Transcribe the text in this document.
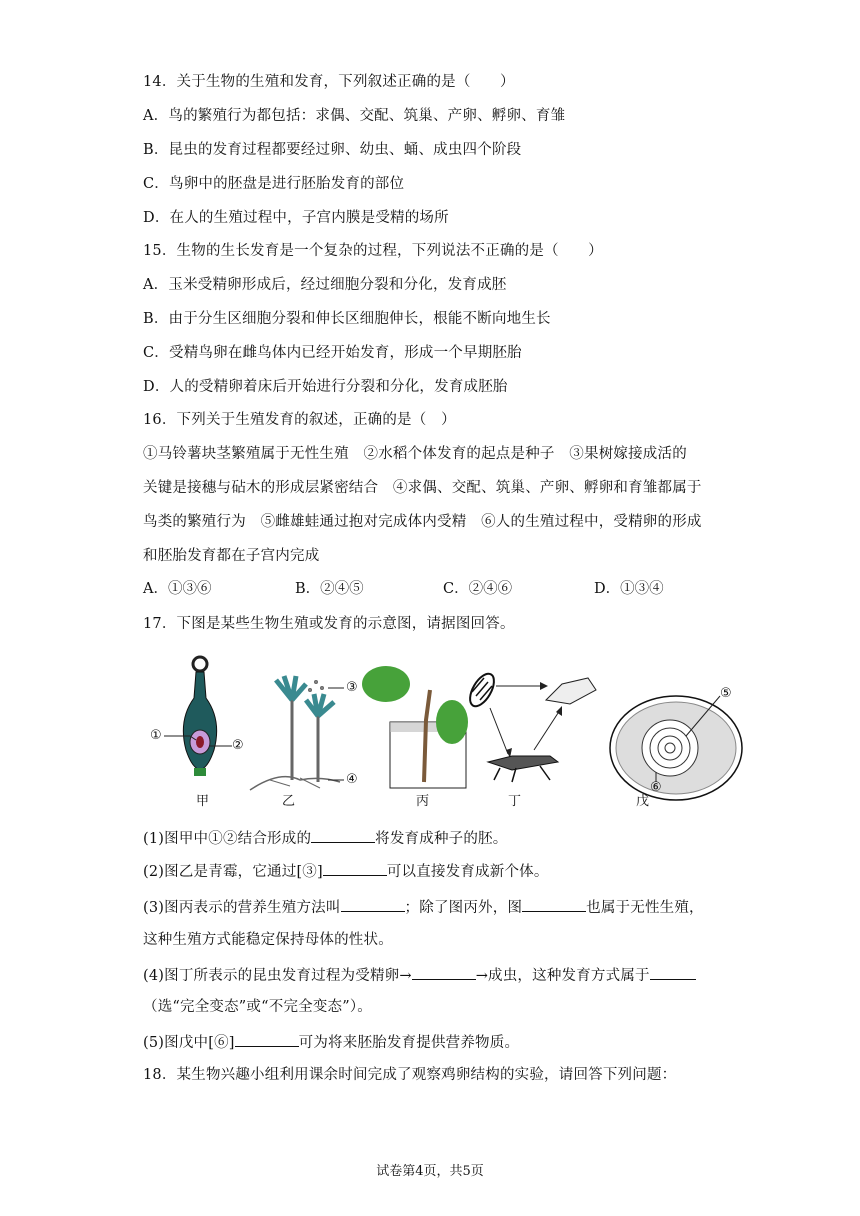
14．关于生物的生殖和发育，下列叙述正确的是（　　）
A．鸟的繁殖行为都包括：求偶、交配、筑巢、产卵、孵卵、育雏
B．昆虫的发育过程都要经过卵、幼虫、蛹、成虫四个阶段
C．鸟卵中的胚盘是进行胚胎发育的部位
D．在人的生殖过程中，子宫内膜是受精的场所
15．生物的生长发育是一个复杂的过程，下列说法不正确的是（　　）
A．玉米受精卵形成后，经过细胞分裂和分化，发育成胚
B．由于分生区细胞分裂和伸长区细胞伸长，根能不断向地生长
C．受精鸟卵在雌鸟体内已经开始发育，形成一个早期胚胎
D．人的受精卵着床后开始进行分裂和分化，发育成胚胎
16．下列关于生殖发育的叙述，正确的是（　）
①马铃薯块茎繁殖属于无性生殖　②水稻个体发育的起点是种子　③果树嫁接成活的
关键是接穗与砧木的形成层紧密结合　④求偶、交配、筑巢、产卵、孵卵和育雏都属于
鸟类的繁殖行为　⑤雌雄蛙通过抱对完成体内受精　⑥人的生殖过程中，受精卵的形成
和胚胎发育都在子宫内完成
A．①③⑥	B．②④⑤	C．②④⑥	D．①③④
17．下图是某些生物生殖或发育的示意图，请据图回答。
①
②
③
④
⑤
⑥
甲	乙	丙	丁	戊
(1)图甲中①②结合形成的	将发育成种子的胚。
(2)图乙是青霉，它通过[③]	可以直接发育成新个体。
(3)图丙表示的营养生殖方法叫	；除了图丙外，图	也属于无性生殖，
这种生殖方式能稳定保持母体的性状。
(4)图丁所表示的昆虫发育过程为受精卵→	→成虫，这种发育方式属于
（选“完全变态”或“不完全变态”）。
(5)图戊中[⑥]	可为将来胚胎发育提供营养物质。
18．某生物兴趣小组利用课余时间完成了观察鸡卵结构的实验，请回答下列问题：
试卷第4页，共5页
